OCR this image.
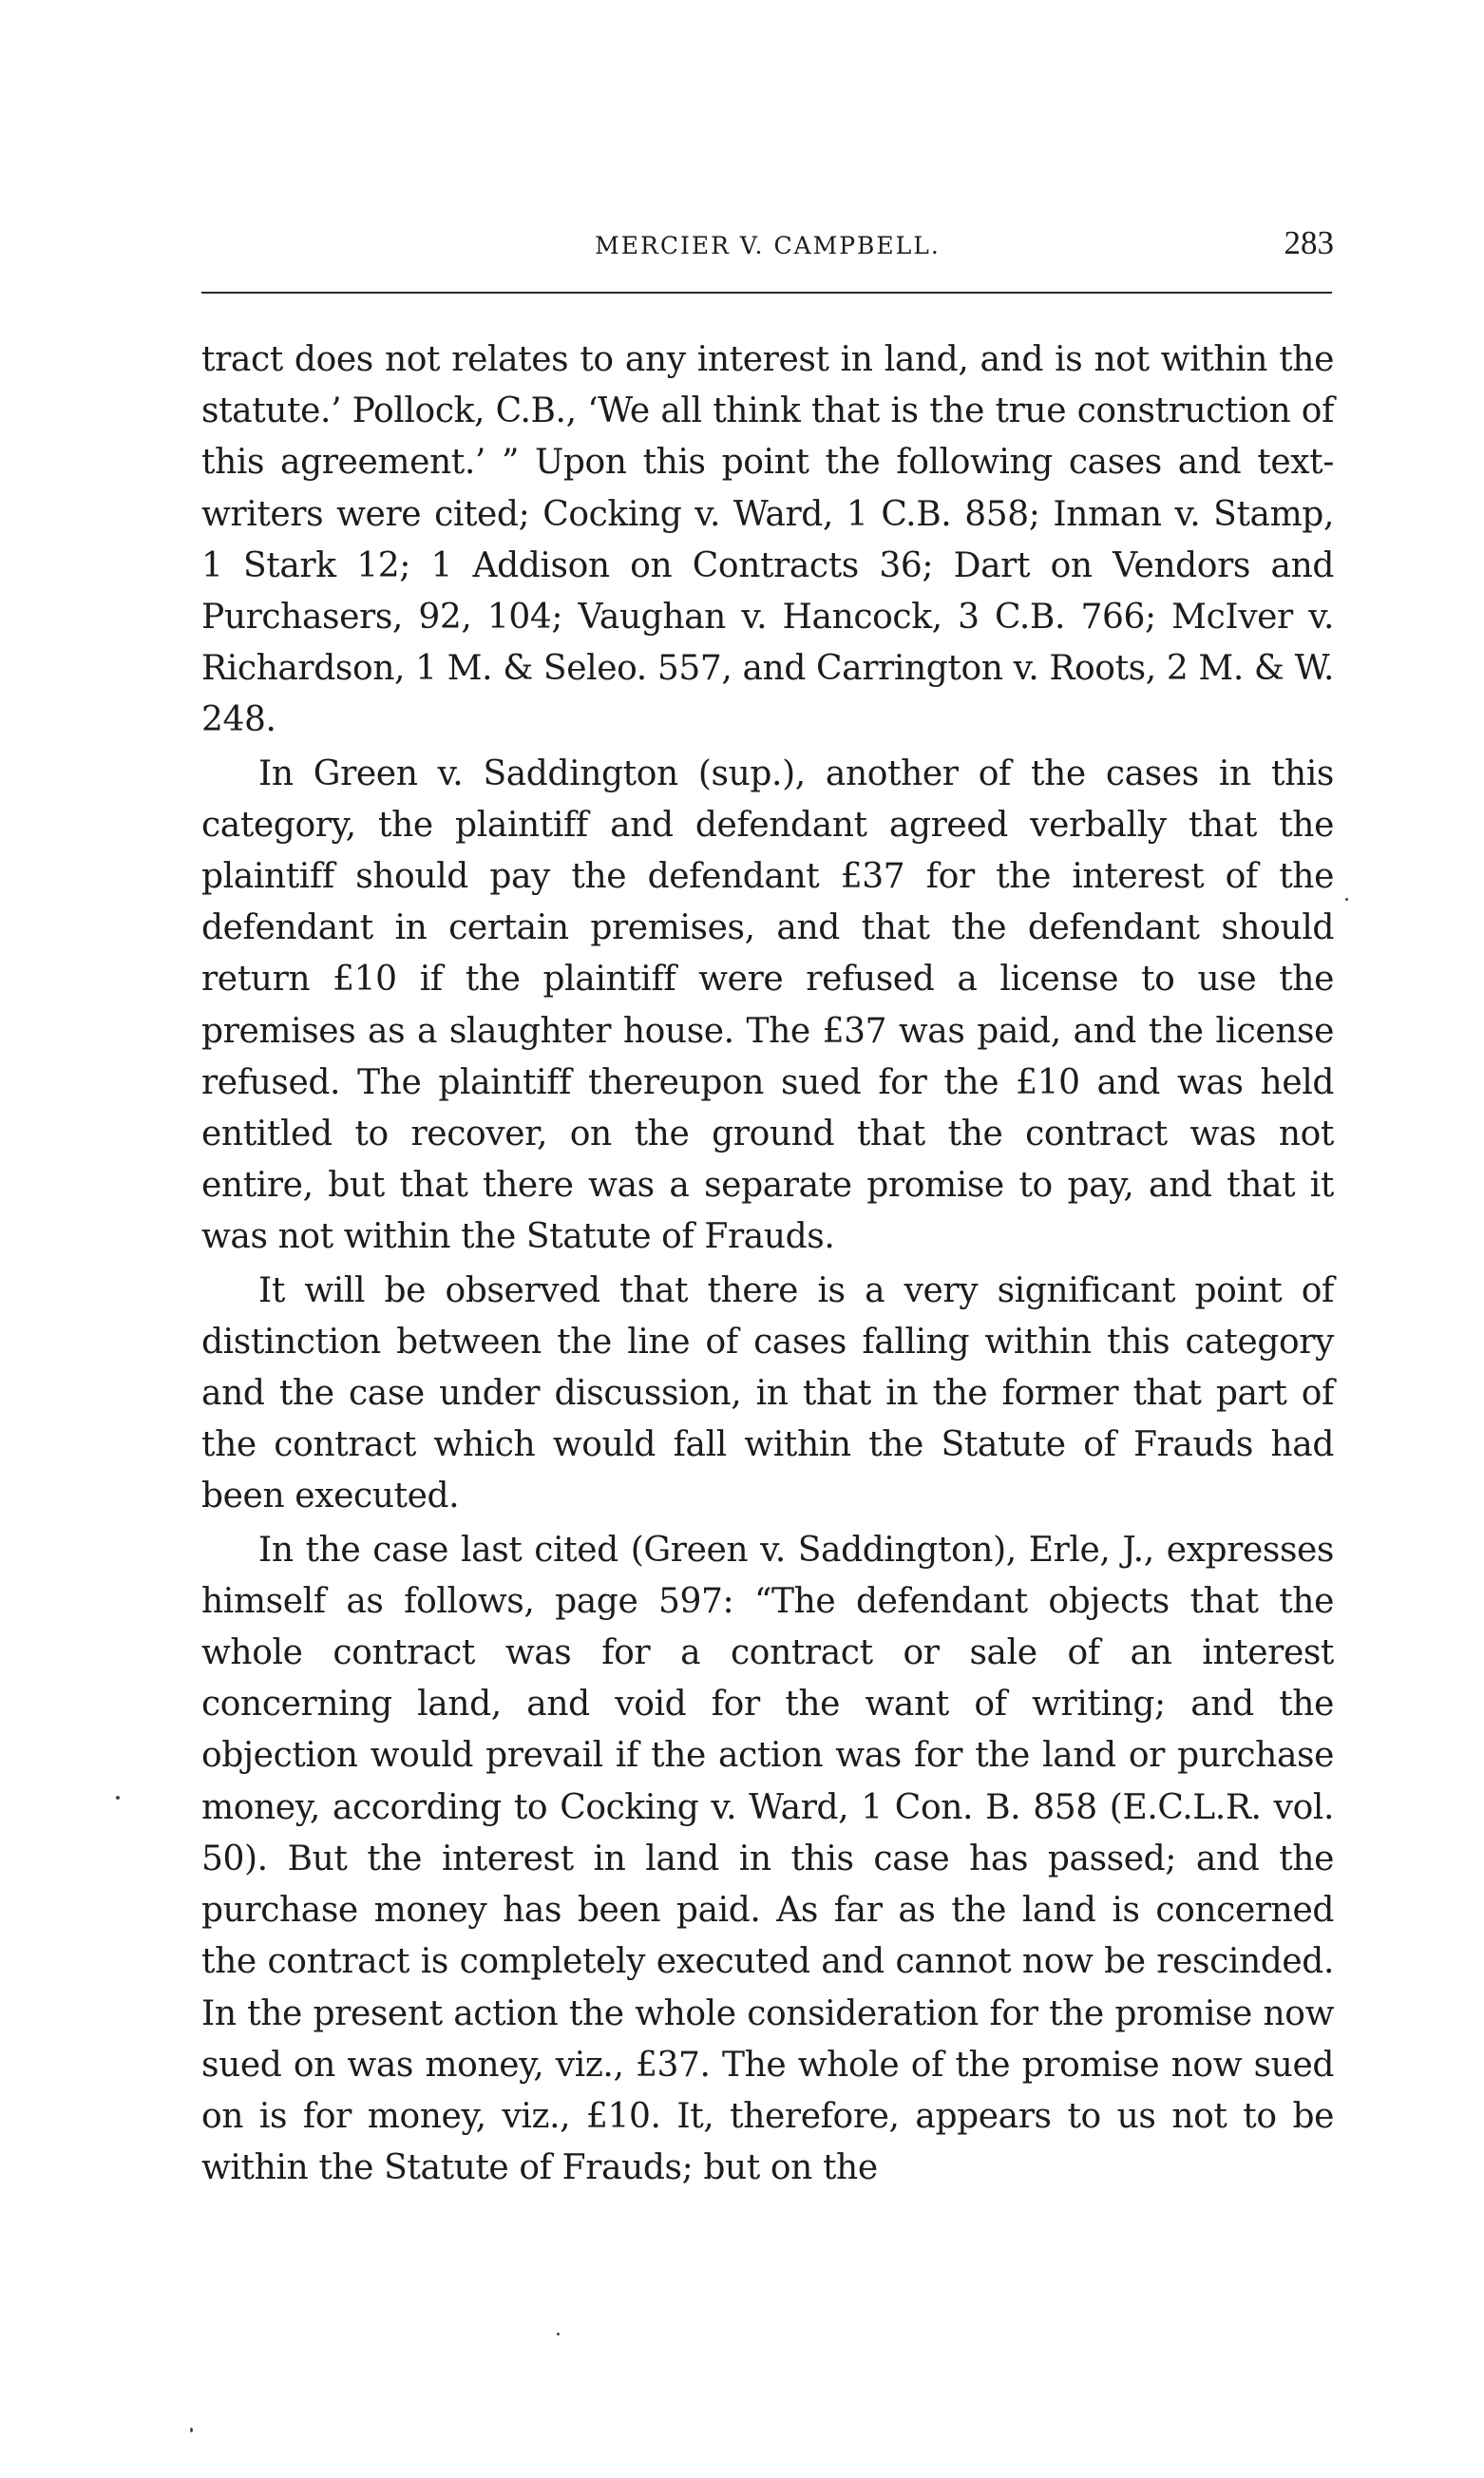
MERCIER V. CAMPBELL.	283

tract does not relates to any interest in land, and is not within the statute.’ Pollock, C.B., ‘We all think that is the true construction of this agreement.’ ” Upon this point the following cases and text-writers were cited; Cocking v. Ward, 1 C.B. 858; Inman v. Stamp, 1 Stark 12; 1 Addison on Contracts 36; Dart on Vendors and Purchasers, 92, 104; Vaughan v. Hancock, 3 C.B. 766; McIver v. Richardson, 1 M. & Seleo. 557, and Carrington v. Roots, 2 M. & W. 248.

In Green v. Saddington (sup.), another of the cases in this category, the plaintiff and defendant agreed verbally that the plaintiff should pay the defendant £37 for the interest of the defendant in certain premises, and that the defendant should return £10 if the plaintiff were refused a license to use the premises as a slaughter house. The £37 was paid, and the license refused. The plaintiff thereupon sued for the £10 and was held entitled to recover, on the ground that the contract was not entire, but that there was a separate promise to pay, and that it was not within the Statute of Frauds.

It will be observed that there is a very significant point of distinction between the line of cases falling within this category and the case under discussion, in that in the former that part of the contract which would fall within the Statute of Frauds had been executed.

In the case last cited (Green v. Saddington), Erle, J., expresses himself as follows, page 597: “The defendant objects that the whole contract was for a contract or sale of an interest concerning land, and void for the want of writing; and the objection would prevail if the action was for the land or purchase money, according to Cocking v. Ward, 1 Con. B. 858 (E.C.L.R. vol. 50). But the interest in land in this case has passed; and the purchase money has been paid. As far as the land is concerned the contract is completely executed and cannot now be rescinded. In the present action the whole consideration for the promise now sued on was money, viz., £37. The whole of the promise now sued on is for money, viz., £10. It, therefore, appears to us not to be within the Statute of Frauds; but on the
